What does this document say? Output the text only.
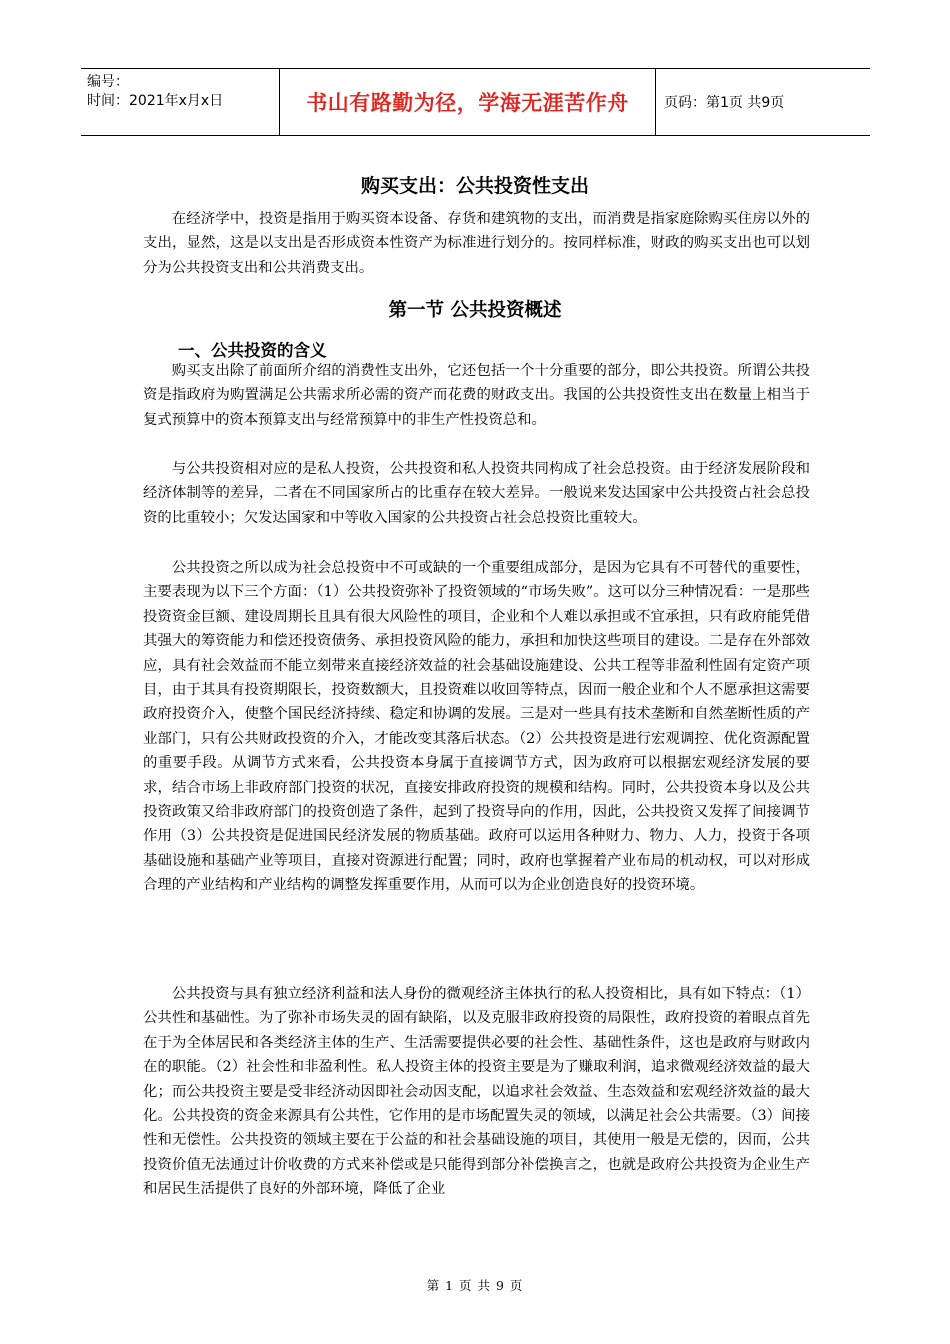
编号：
时间：2021年x月x日	书山有路勤为径，学海无涯苦作舟	页码：第1页 共9页
购买支出：公共投资性支出

在经济学中，投资是指用于购买资本设备、存货和建筑物的支出，而消费是指家庭除购买住房以外的支出，显然，这是以支出是否形成资本性资产为标准进行划分的。按同样标准，财政的购买支出也可以划分为公共投资支出和公共消费支出。

第一节 公共投资概述
一、公共投资的含义

购买支出除了前面所介绍的消费性支出外，它还包括一个十分重要的部分，即公共投资。所谓公共投资是指政府为购置满足公共需求所必需的资产而花费的财政支出。我国的公共投资性支出在数量上相当于复式预算中的资本预算支出与经常预算中的非生产性投资总和。

与公共投资相对应的是私人投资，公共投资和私人投资共同构成了社会总投资。由于经济发展阶段和经济体制等的差异，二者在不同国家所占的比重存在较大差异。一般说来发达国家中公共投资占社会总投资的比重较小；欠发达国家和中等收入国家的公共投资占社会总投资比重较大。

公共投资之所以成为社会总投资中不可或缺的一个重要组成部分，是因为它具有不可替代的重要性，主要表现为以下三个方面：（1）公共投资弥补了投资领域的“市场失败”。这可以分三种情况看：一是那些投资资金巨额、建设周期长且具有很大风险性的项目，企业和个人难以承担或不宜承担，只有政府能凭借其强大的筹资能力和偿还投资债务、承担投资风险的能力，承担和加快这些项目的建设。二是存在外部效应，具有社会效益而不能立刻带来直接经济效益的社会基础设施建设、公共工程等非盈利性固有定资产项目，由于其具有投资期限长，投资数额大，且投资难以收回等特点，因而一般企业和个人不愿承担这需要政府投资介入，使整个国民经济持续、稳定和协调的发展。三是对一些具有技术垄断和自然垄断性质的产业部门，只有公共财政投资的介入，才能改变其落后状态。（2）公共投资是进行宏观调控、优化资源配置的重要手段。从调节方式来看，公共投资本身属于直接调节方式，因为政府可以根据宏观经济发展的要求，结合市场上非政府部门投资的状况，直接安排政府投资的规模和结构。同时，公共投资本身以及公共投资政策又给非政府部门的投资创造了条件，起到了投资导向的作用，因此，公共投资又发挥了间接调节作用（3）公共投资是促进国民经济发展的物质基础。政府可以运用各种财力、物力、人力，投资于各项基础设施和基础产业等项目，直接对资源进行配置；同时，政府也掌握着产业布局的机动权，可以对形成合理的产业结构和产业结构的调整发挥重要作用，从而可以为企业创造良好的投资环境。

公共投资与具有独立经济利益和法人身份的微观经济主体执行的私人投资相比，具有如下特点：（1）公共性和基础性。为了弥补市场失灵的固有缺陷，以及克服非政府投资的局限性，政府投资的着眼点首先在于为全体居民和各类经济主体的生产、生活需要提供必要的社会性、基础性条件，这也是政府与财政内在的职能。（2）社会性和非盈利性。私人投资主体的投资主要是为了赚取利润，追求微观经济效益的最大化；而公共投资主要是受非经济动因即社会动因支配，以追求社会效益、生态效益和宏观经济效益的最大化。公共投资的资金来源具有公共性，它作用的是市场配置失灵的领域，以满足社会公共需要。（3）间接性和无偿性。公共投资的领域主要在于公益的和社会基础设施的项目，其使用一般是无偿的，因而，公共投资价值无法通过计价收费的方式来补偿或是只能得到部分补偿换言之，也就是政府公共投资为企业生产和居民生活提供了良好的外部环境，降低了企业

第 1 页 共 9 页
